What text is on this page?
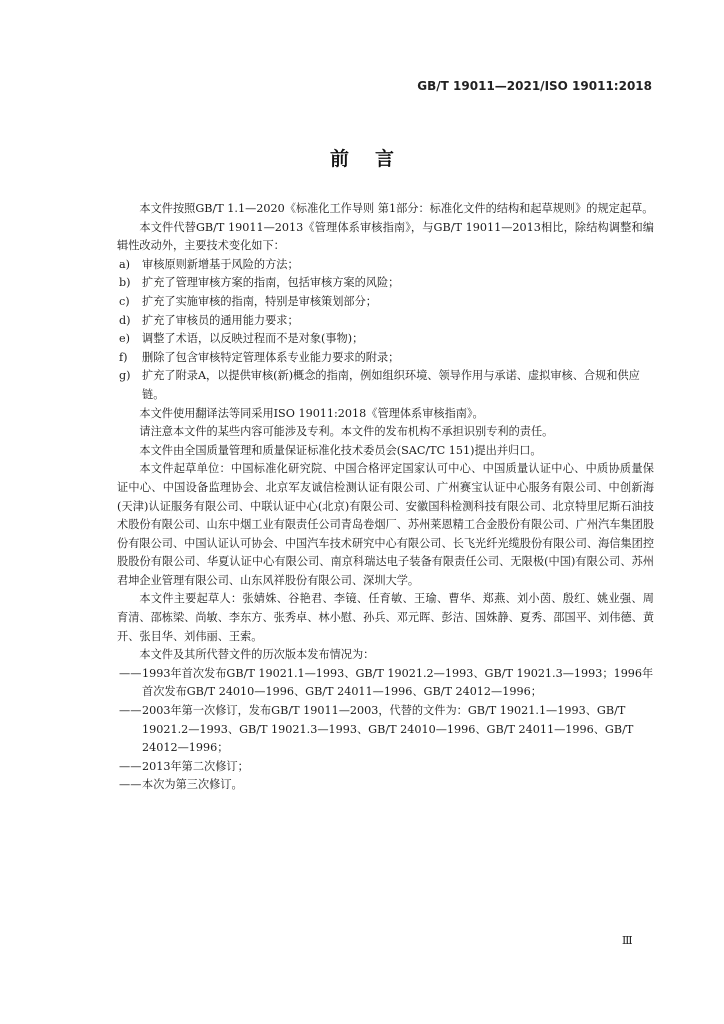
GB/T 19011—2021/ISO 19011:2018
前言

本文件按照GB/T 1.1—2020《标准化工作导则 第1部分：标准化文件的结构和起草规则》的规定起草。

本文件代替GB/T 19011—2013《管理体系审核指南》，与GB/T 19011—2013相比，除结构调整和编辑性改动外，主要技术变化如下：

a) 审核原则新增基于风险的方法；
b) 扩充了管理审核方案的指南，包括审核方案的风险；
c) 扩充了实施审核的指南，特别是审核策划部分；
d) 扩充了审核员的通用能力要求；
e) 调整了术语，以反映过程而不是对象(事物)；
f) 删除了包含审核特定管理体系专业能力要求的附录；
g) 扩充了附录A，以提供审核(新)概念的指南，例如组织环境、领导作用与承诺、虚拟审核、合规和供应链。

本文件使用翻译法等同采用ISO 19011:2018《管理体系审核指南》。

请注意本文件的某些内容可能涉及专利。本文件的发布机构不承担识别专利的责任。

本文件由全国质量管理和质量保证标准化技术委员会(SAC/TC 151)提出并归口。

本文件起草单位：中国标准化研究院、中国合格评定国家认可中心、中国质量认证中心、中质协质量保证中心、中国设备监理协会、北京军友诚信检测认证有限公司、广州赛宝认证中心服务有限公司、中创新海(天津)认证服务有限公司、中联认证中心(北京)有限公司、安徽国科检测科技有限公司、北京特里尼斯石油技术股份有限公司、山东中烟工业有限责任公司青岛卷烟厂、苏州莱恩精工合金股份有限公司、广州汽车集团股份有限公司、中国认证认可协会、中国汽车技术研究中心有限公司、长飞光纤光缆股份有限公司、海信集团控股股份有限公司、华夏认证中心有限公司、南京科瑞达电子装备有限责任公司、无限极(中国)有限公司、苏州君坤企业管理有限公司、山东风祥股份有限公司、深圳大学。

本文件主要起草人：张婧姝、谷艳君、李镜、任育敏、王瑜、曹华、郑燕、刘小茵、殷红、姚业强、周育清、邵栋梁、尚敏、李东方、张秀卓、林小慰、孙兵、邓元晖、彭洁、国姝静、夏秀、邵国平、刘伟德、黄开、张目华、刘伟丽、王索。

本文件及其所代替文件的历次版本发布情况为：

—— 1993年首次发布GB/T 19021.1—1993、GB/T 19021.2—1993、GB/T 19021.3—1993；1996年首次发布GB/T 24010—1996、GB/T 24011—1996、GB/T 24012—1996；
—— 2003年第一次修订，发布GB/T 19011—2003，代替的文件为：GB/T 19021.1—1993、GB/T 19021.2—1993、GB/T 19021.3—1993、GB/T 24010—1996、GB/T 24011—1996、GB/T 24012—1996；
—— 2013年第二次修订；
—— 本次为第三次修订。
Ⅲ
